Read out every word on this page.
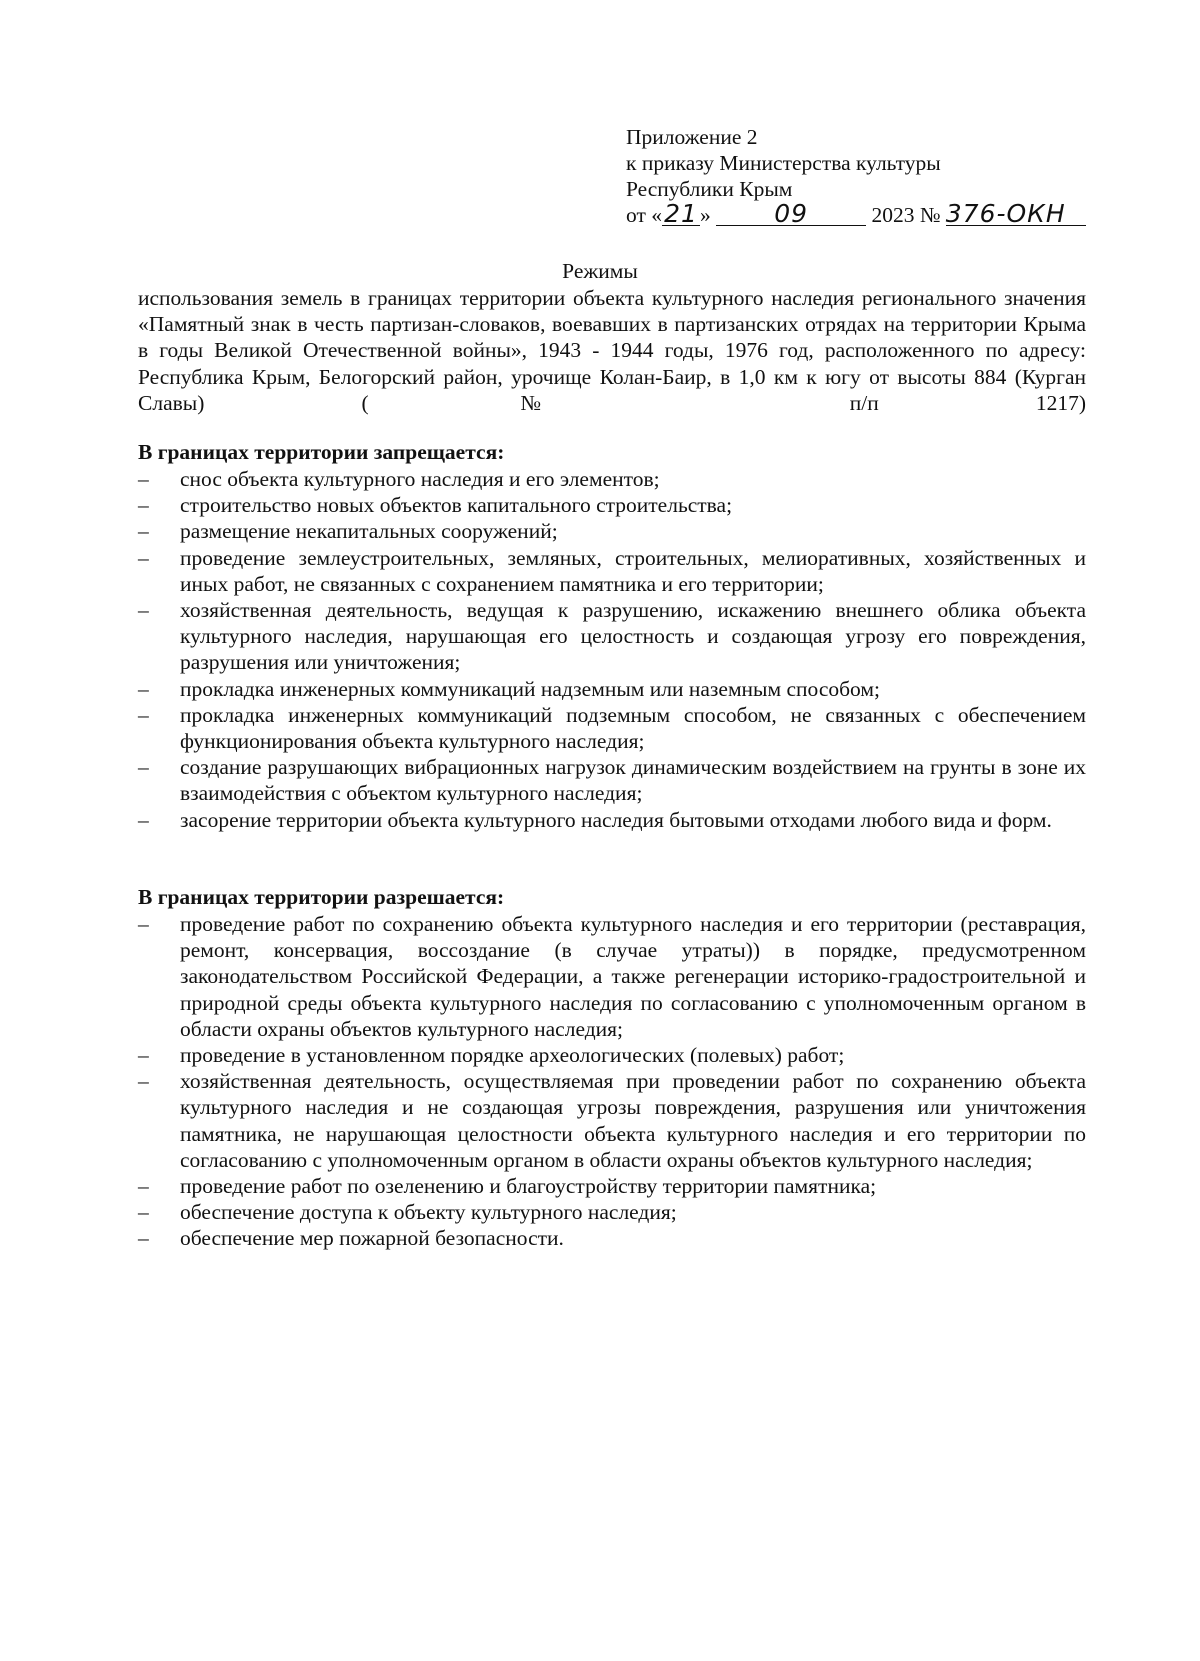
Приложение 2
к приказу Министерства культуры
Республики Крым
от «21»	09	2023 № 376-ОКН
Режимы
использования земель в границах территории объекта культурного наследия регионального значения «Памятный знак в честь партизан-словаков, воевавших в партизанских отрядах на территории Крыма в годы Великой Отечественной войны», 1943 - 1944 годы, 1976 год, расположенного по адресу: Республика Крым, Белогорский район, урочище Колан-Баир, в 1,0 км к югу от высоты 884 (Курган Славы) (№ п/п 1217)
В границах территории запрещается:
– снос объекта культурного наследия и его элементов;
– строительство новых объектов капитального строительства;
– размещение некапитальных сооружений;
– проведение землеустроительных, земляных, строительных, мелиоративных, хозяйственных и иных работ, не связанных с сохранением памятника и его территории;
– хозяйственная деятельность, ведущая к разрушению, искажению внешнего облика объекта культурного наследия, нарушающая его целостность и создающая угрозу его повреждения, разрушения или уничтожения;
– прокладка инженерных коммуникаций надземным или наземным способом;
– прокладка инженерных коммуникаций подземным способом, не связанных с обеспечением функционирования объекта культурного наследия;
– создание разрушающих вибрационных нагрузок динамическим воздействием на грунты в зоне их взаимодействия с объектом культурного наследия;
– засорение территории объекта культурного наследия бытовыми отходами любого вида и форм.
В границах территории разрешается:
– проведение работ по сохранению объекта культурного наследия и его территории (реставрация, ремонт, консервация, воссоздание (в случае утраты)) в порядке, предусмотренном законодательством Российской Федерации, а также регенерации историко-градостроительной и природной среды объекта культурного наследия по согласованию с уполномоченным органом в области охраны объектов культурного наследия;
– проведение в установленном порядке археологических (полевых) работ;
– хозяйственная деятельность, осуществляемая при проведении работ по сохранению объекта культурного наследия и не создающая угрозы повреждения, разрушения или уничтожения памятника, не нарушающая целостности объекта культурного наследия и его территории по согласованию с уполномоченным органом в области охраны объектов культурного наследия;
– проведение работ по озеленению и благоустройству территории памятника;
– обеспечение доступа к объекту культурного наследия;
– обеспечение мер пожарной безопасности.
